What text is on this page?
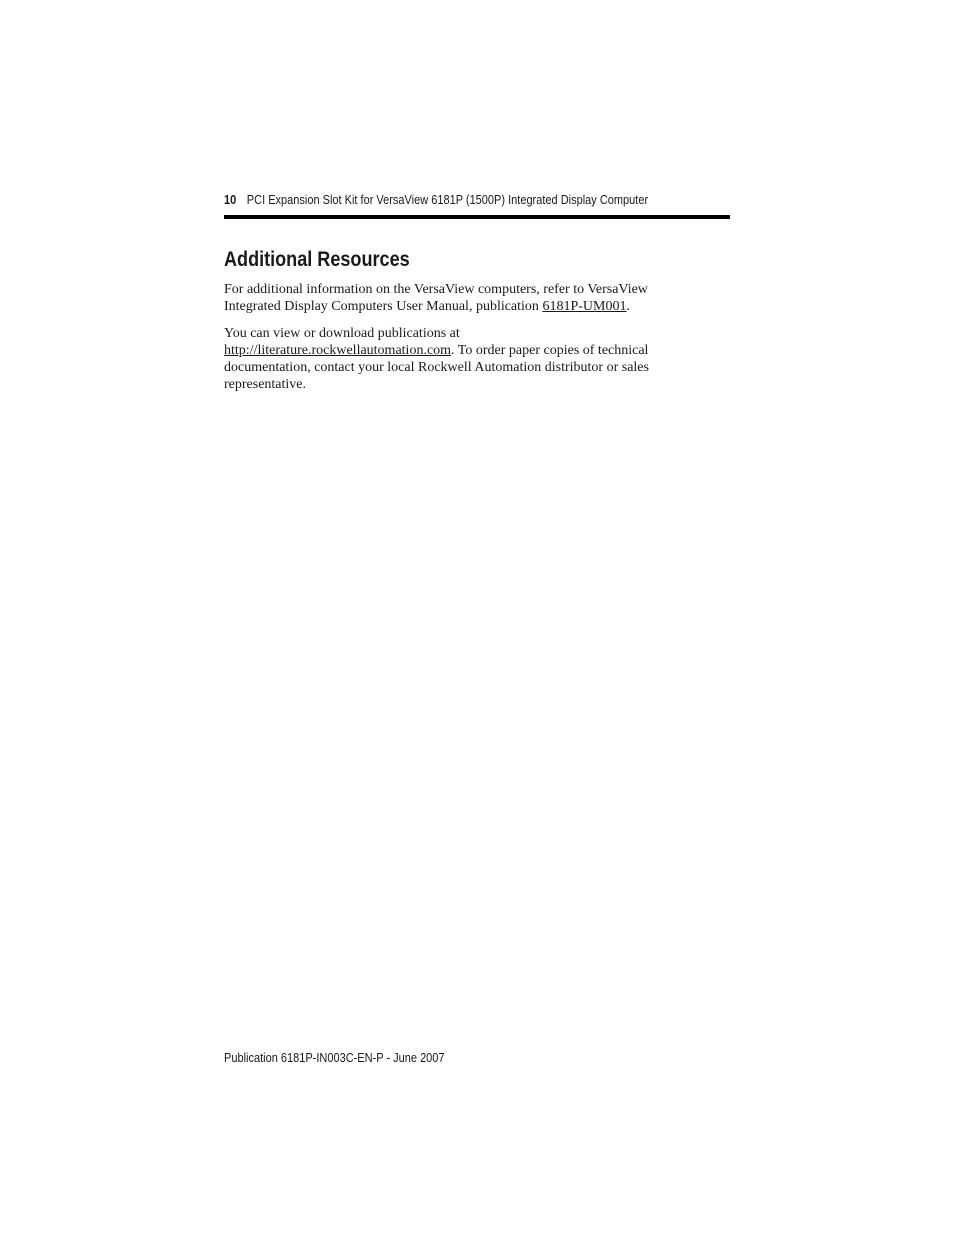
10 PCI Expansion Slot Kit for VersaView 6181P (1500P) Integrated Display Computer
Additional Resources

For additional information on the VersaView computers, refer to VersaView Integrated Display Computers User Manual, publication 6181P-UM001.

You can view or download publications at
http://literature.rockwellautomation.com. To order paper copies of technical documentation, contact your local Rockwell Automation distributor or sales representative.

Publication 6181P-IN003C-EN-P - June 2007
